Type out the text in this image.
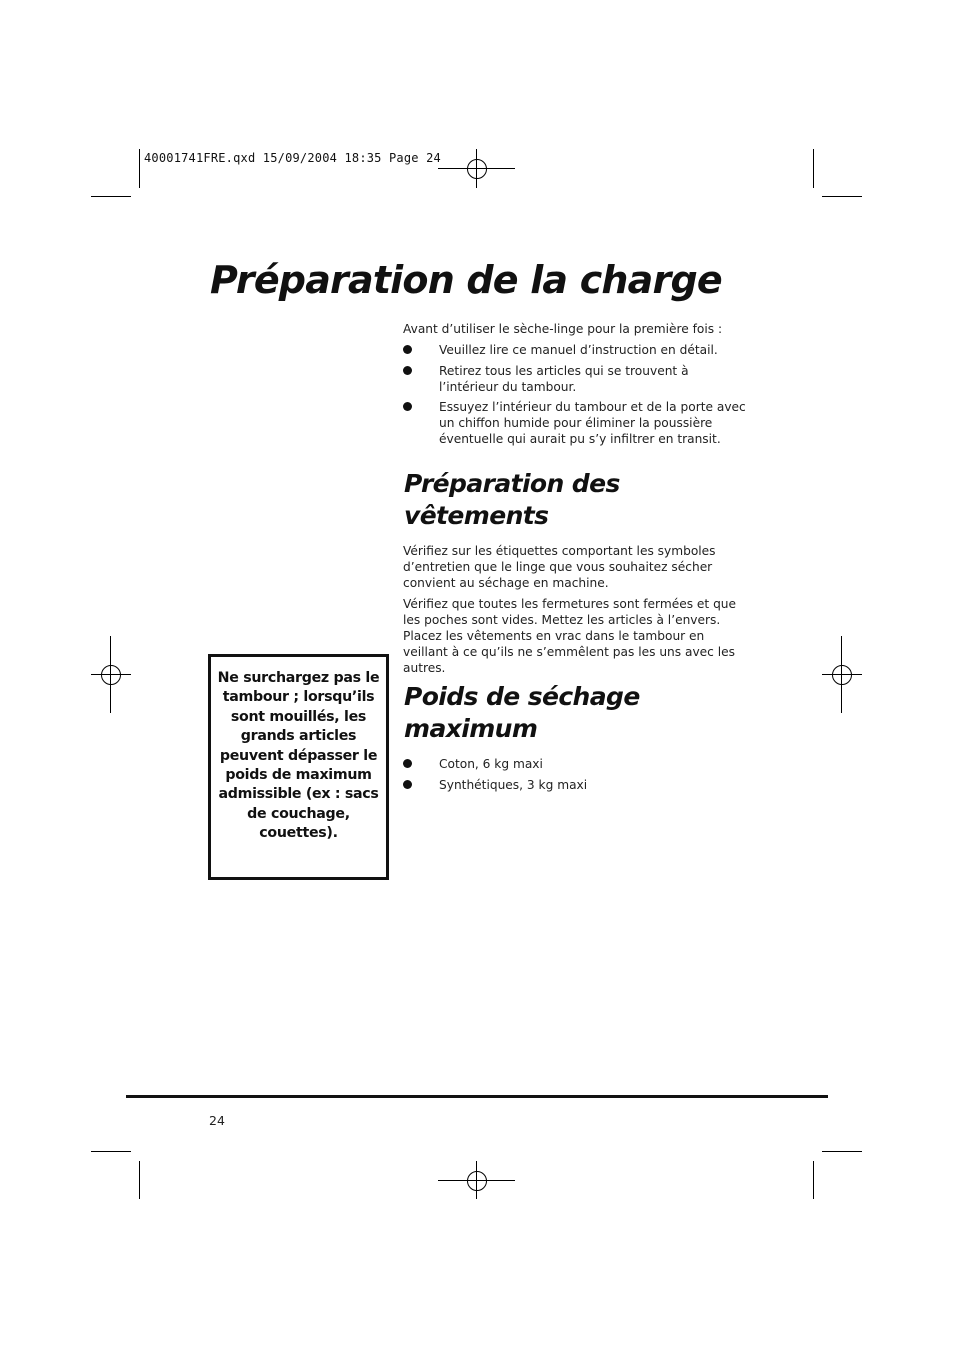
40001741FRE.qxd 15/09/2004 18:35 Page 24
Préparation de la charge
Avant d’utiliser le sèche-linge pour la première fois :
Veuillez lire ce manuel d’instruction en détail.
Retirez tous les articles qui se trouvent à l’intérieur du tambour.
Essuyez l’intérieur du tambour et de la porte avec un chiffon humide pour éliminer la poussière éventuelle qui aurait pu s’y infiltrer en transit.
Préparation des
vêtements
Vérifiez sur les étiquettes comportant les symboles d’entretien que le linge que vous souhaitez sécher convient au séchage en machine.
Vérifiez que toutes les fermetures sont fermées et que les poches sont vides. Mettez les articles à l’envers. Placez les vêtements en vrac dans le tambour en veillant à ce qu’ils ne s’emmêlent pas les uns avec les autres.
Poids de séchage
maximum
Coton, 6 kg maxi
Synthétiques, 3 kg maxi
Ne surchargez pas le tambour ; lorsqu’ils sont mouillés, les grands articles peuvent dépasser le poids de maximum admissible (ex : sacs de couchage, couettes).
24
